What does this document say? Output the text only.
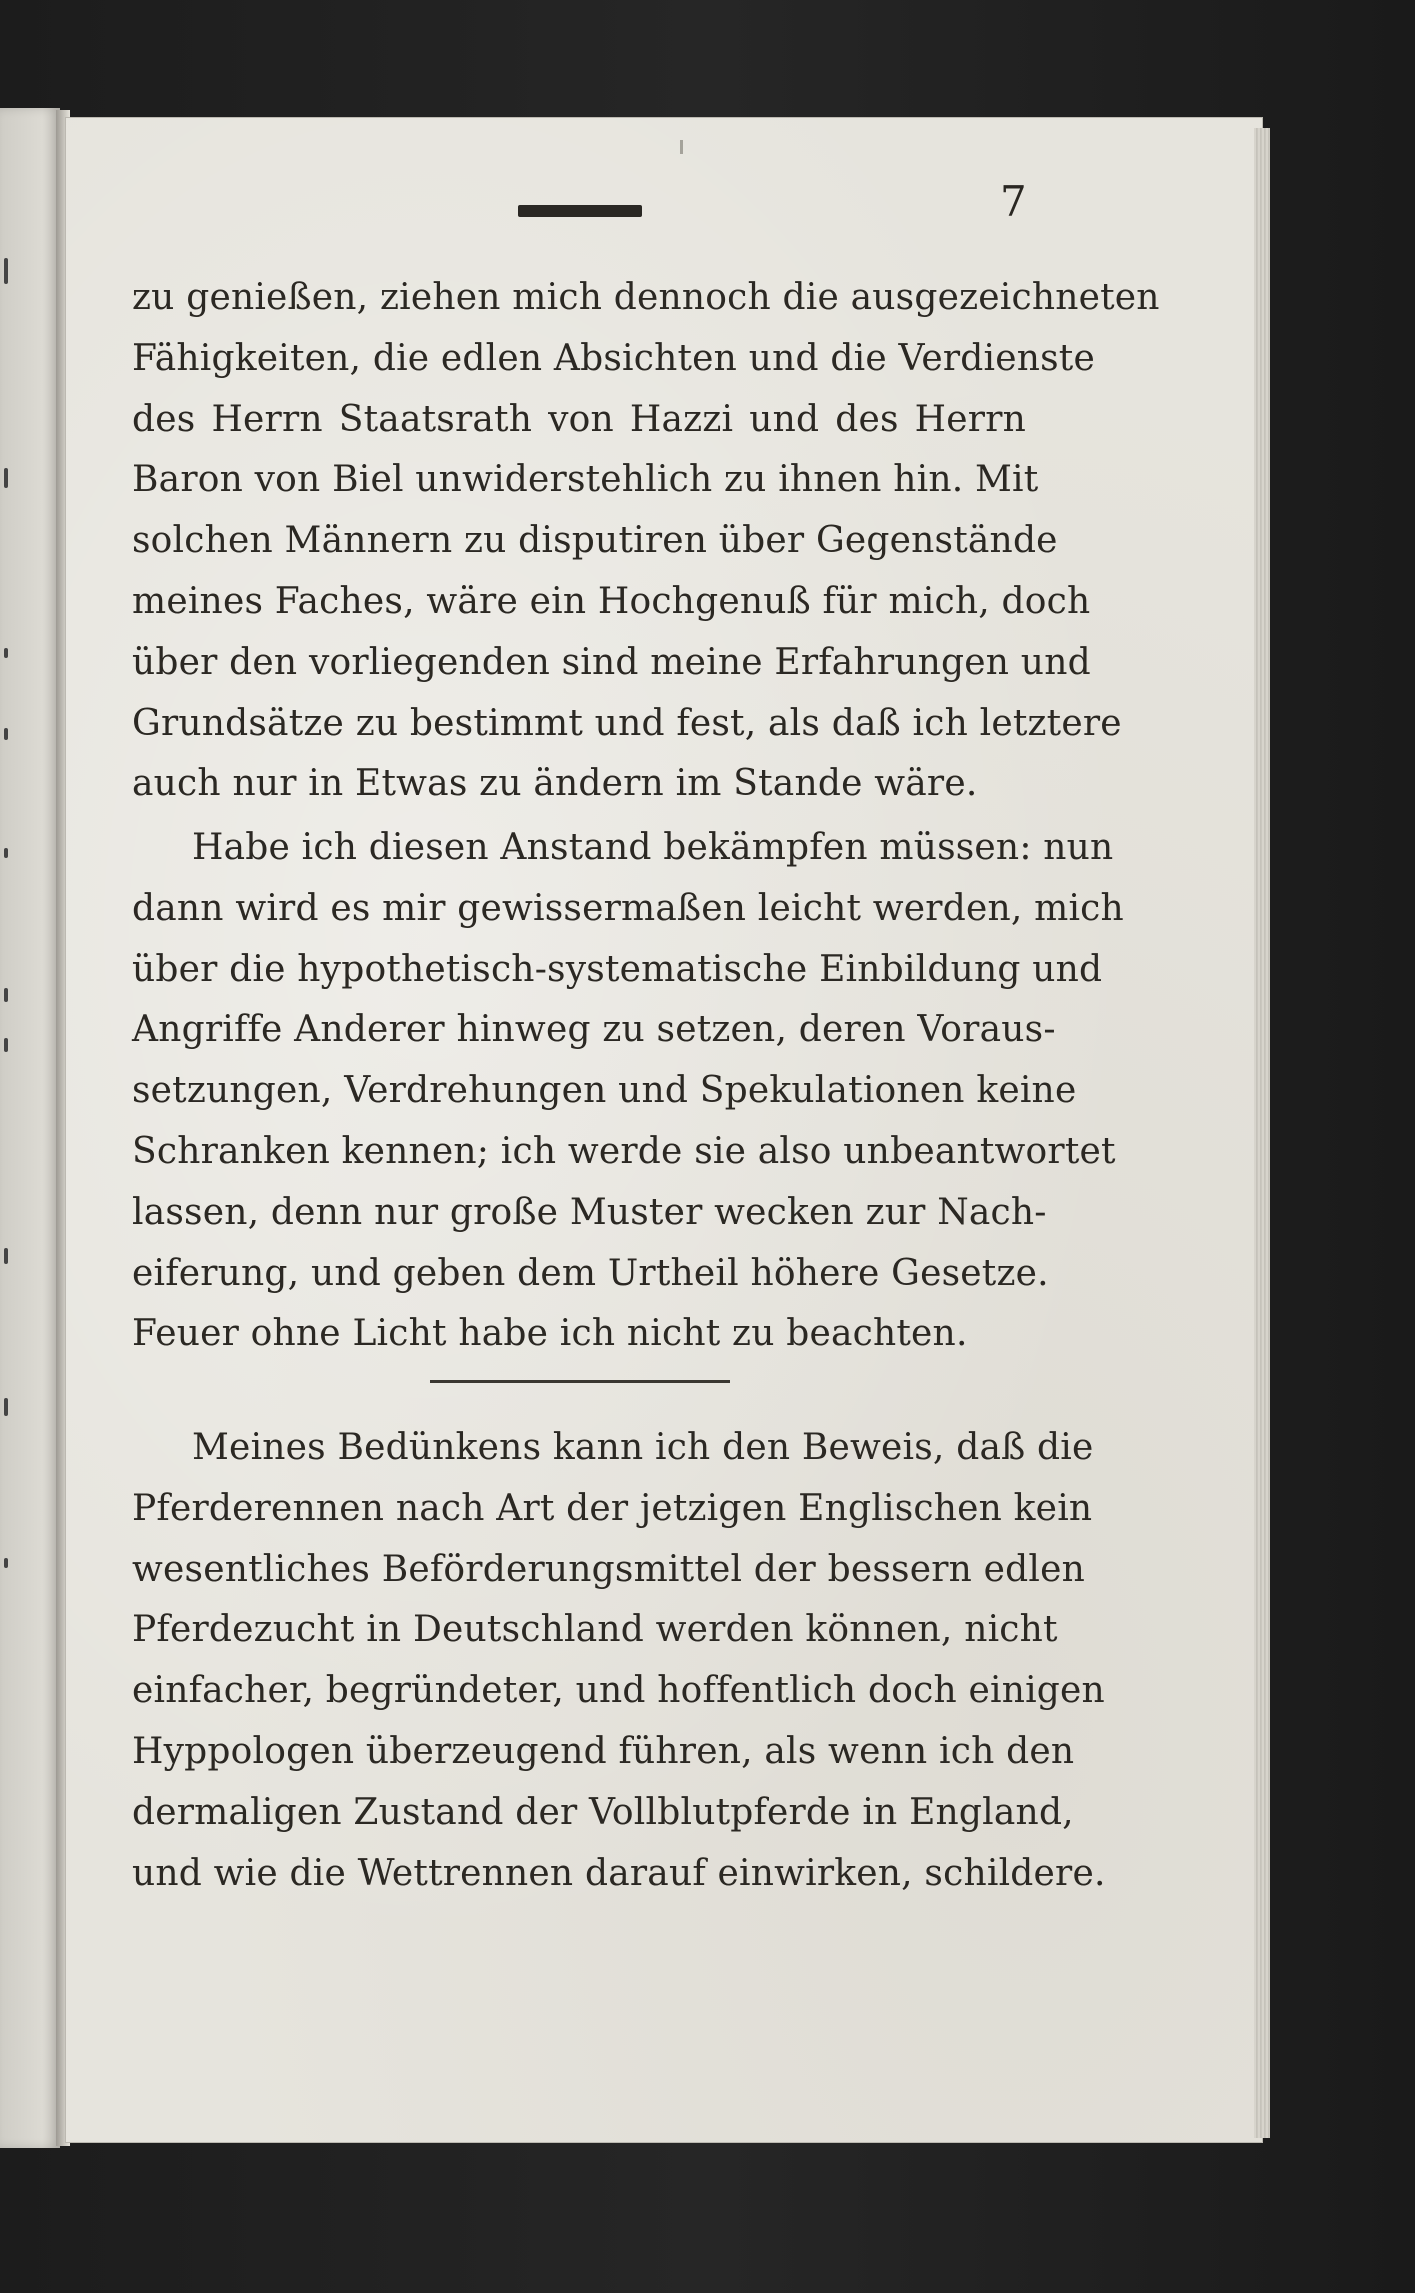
7
zu genießen, ziehen mich dennoch die ausgezeichneten
Fähigkeiten, die edlen Absichten und die Verdienste
des Herrn Staatsrath von Hazzi und des Herrn
Baron von Biel unwiderstehlich zu ihnen hin. Mit
solchen Männern zu disputiren über Gegenstände
meines Faches, wäre ein Hochgenuß für mich, doch
über den vorliegenden sind meine Erfahrungen und
Grundsätze zu bestimmt und fest, als daß ich letztere
auch nur in Etwas zu ändern im Stande wäre.
Habe ich diesen Anstand bekämpfen müssen: nun
dann wird es mir gewissermaßen leicht werden, mich
über die hypothetisch-systematische Einbildung und
Angriffe Anderer hinweg zu setzen, deren Voraus-
setzungen, Verdrehungen und Spekulationen keine
Schranken kennen; ich werde sie also unbeantwortet
lassen, denn nur große Muster wecken zur Nach-
eiferung, und geben dem Urtheil höhere Gesetze.
Feuer ohne Licht habe ich nicht zu beachten.
Meines Bedünkens kann ich den Beweis, daß die
Pferderennen nach Art der jetzigen Englischen kein
wesentliches Beförderungsmittel der bessern edlen
Pferdezucht in Deutschland werden können, nicht
einfacher, begründeter, und hoffentlich doch einigen
Hyppologen überzeugend führen, als wenn ich den
dermaligen Zustand der Vollblutpferde in England,
und wie die Wettrennen darauf einwirken, schildere.
